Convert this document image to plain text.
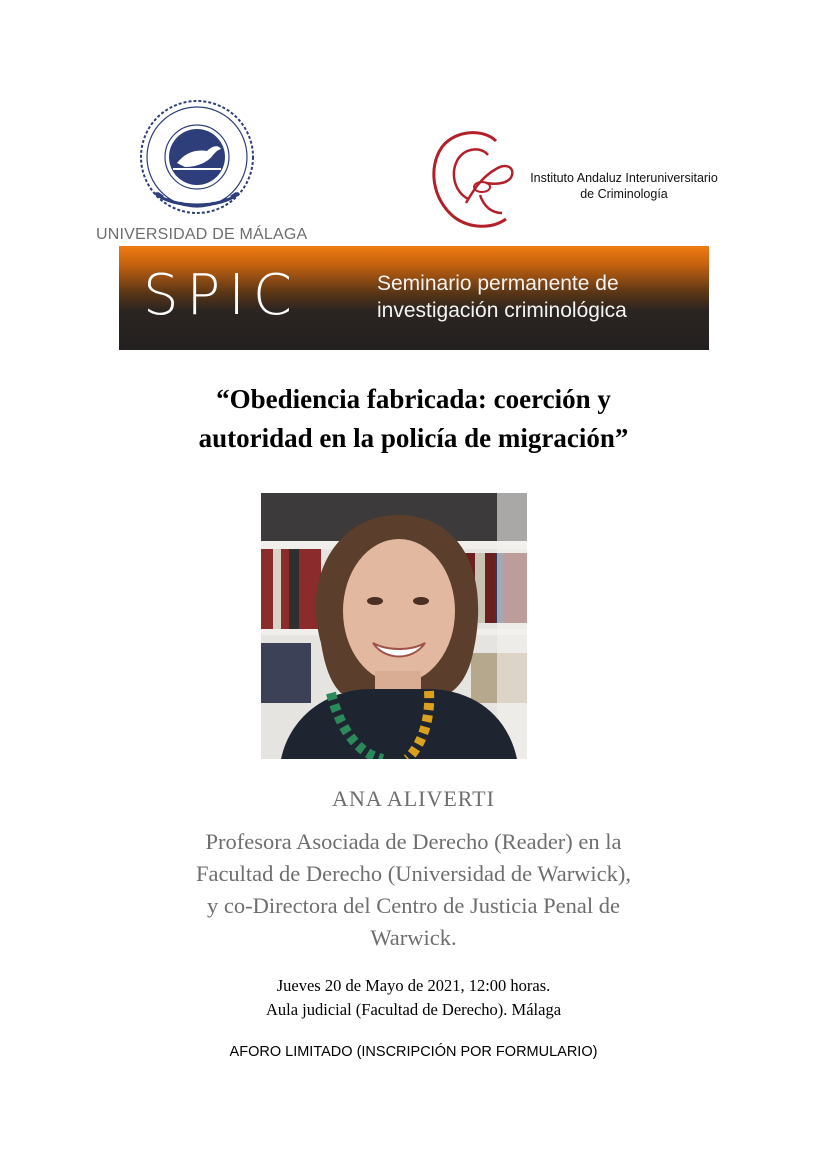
UNIVERSIDAD DE MÁLAGA
Instituto Andaluz Interuniversitario
de Criminología
SPIC	Seminario permanente de
investigación criminológica
“Obediencia fabricada: coerción y
autoridad en la policía de migración”
ANA ALIVERTI
Profesora Asociada de Derecho (Reader) en la
Facultad de Derecho (Universidad de Warwick),
y co-Directora del Centro de Justicia Penal de
Warwick.
Jueves 20 de Mayo de 2021, 12:00 horas.
Aula judicial (Facultad de Derecho). Málaga
AFORO LIMITADO (INSCRIPCIÓN POR FORMULARIO)
